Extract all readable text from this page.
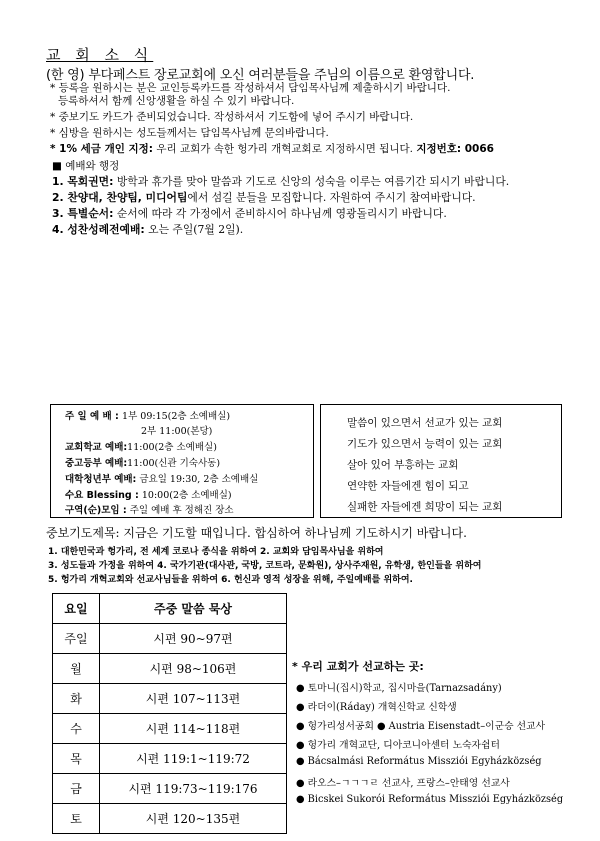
교 회 소 식
(한 영) 부다페스트 장로교회에 오신 여러분들을 주님의 이름으로 환영합니다.
* 등록을 원하시는 분은 교인등록카드를 작성하셔서 담임목사님께 제출하시기 바랍니다.
등록하셔서 함께 신앙생활을 하실 수 있기 바랍니다.
* 중보기도 카드가 준비되었습니다. 작성하셔서 기도함에 넣어 주시기 바랍니다.
* 심방을 원하시는 성도들께서는 담임목사님께 문의바랍니다.
* 1% 세금 개인 지정: 우리 교회가 속한 헝가리 개혁교회로 지정하시면 됩니다. 지정번호: 0066
■ 예배와 행정
1. 목회권면: 방학과 휴가를 맞아 말씀과 기도로 신앙의 성숙을 이루는 여름기간 되시기 바랍니다.
2. 찬양대, 찬양팀, 미디어팀에서 섬길 분들을 모집합니다. 자원하여 주시기 참여바랍니다.
3. 특별순서: 순서에 따라 각 가정에서 준비하시어 하나님께 영광돌리시기 바랍니다.
4. 성찬성례전예배: 오는 주일(7월 2일).
주 일 예 배 : 1부 09:15(2층 소예배실)
2부 11:00(본당)
교회학교 예배:11:00(2층 소예배실)
중고등부 예배:11:00(신관 기숙사동)
대학청년부 예배: 금요일 19:30, 2층 소예배실
수요 Blessing : 10:00(2층 소예배실)
구역(순)모임 : 주일 예배 후 정해진 장소
말씀이 있으면서 선교가 있는 교회
기도가 있으면서 능력이 있는 교회
살아 있어 부흥하는 교회
연약한 자들에겐 힘이 되고
실패한 자들에겐 희망이 되는 교회
중보기도제목: 지금은 기도할 때입니다. 합심하여 하나님께 기도하시기 바랍니다.
1. 대한민국과 헝가리, 전 세계 코로나 종식을 위하여 2. 교회와 담임목사님을 위하여
3. 성도들과 가정을 위하여 4. 국가기관(대사관, 국방, 코트라, 문화원), 상사주재원, 유학생, 한인들을 위하여
5. 헝가리 개혁교회와 선교사님들을 위하여 6. 헌신과 영적 성장을 위해, 주일예배를 위하여.
요일	주중 말씀 묵상
주일	시편 90~97편
월	시편 98~106편
화	시편 107~113편
수	시편 114~118편
목	시편 119:1~119:72
금	시편 119:73~119:176
토	시편 120~135편
* 우리 교회가 선교하는 곳:
● 토마니(집시)학교, 집시마을(Tarnazsadány)
● 라더이(Ráday) 개혁신학교 신학생
● 헝가리성서공회 ● Austria Eisenstadt–이군승 선교사
● 헝가리 개혁교단, 디아코니아센터 노숙자쉼터
● Bácsalmási Református Missziói Egyházközség
● 라오스–ㄱㄱㄱㄹ 선교사, 프랑스–안태영 선교사
● Bicskei Sukorói Református Missziói Egyházközség
